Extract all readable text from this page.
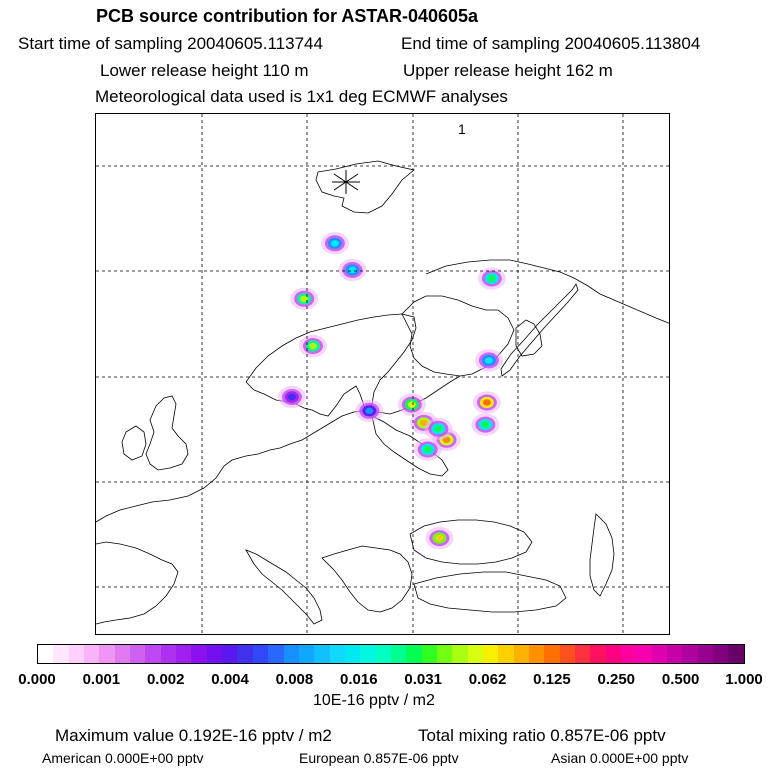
PCB source contribution for ASTAR-040605a
Start time of sampling 20040605.113744	End time of sampling 20040605.113804
Lower release height 110 m	Upper release height 162 m
Meteorological data used is 1x1 deg ECMWF analyses
1
0.000 0.001 0.002 0.004 0.008 0.016 0.031 0.062 0.125 0.250 0.500 1.000
10E-16 pptv / m2
Maximum value 0.192E-16 pptv / m2	Total mixing ratio 0.857E-06 pptv
American 0.000E+00 pptv	European 0.857E-06 pptv	Asian 0.000E+00 pptv
